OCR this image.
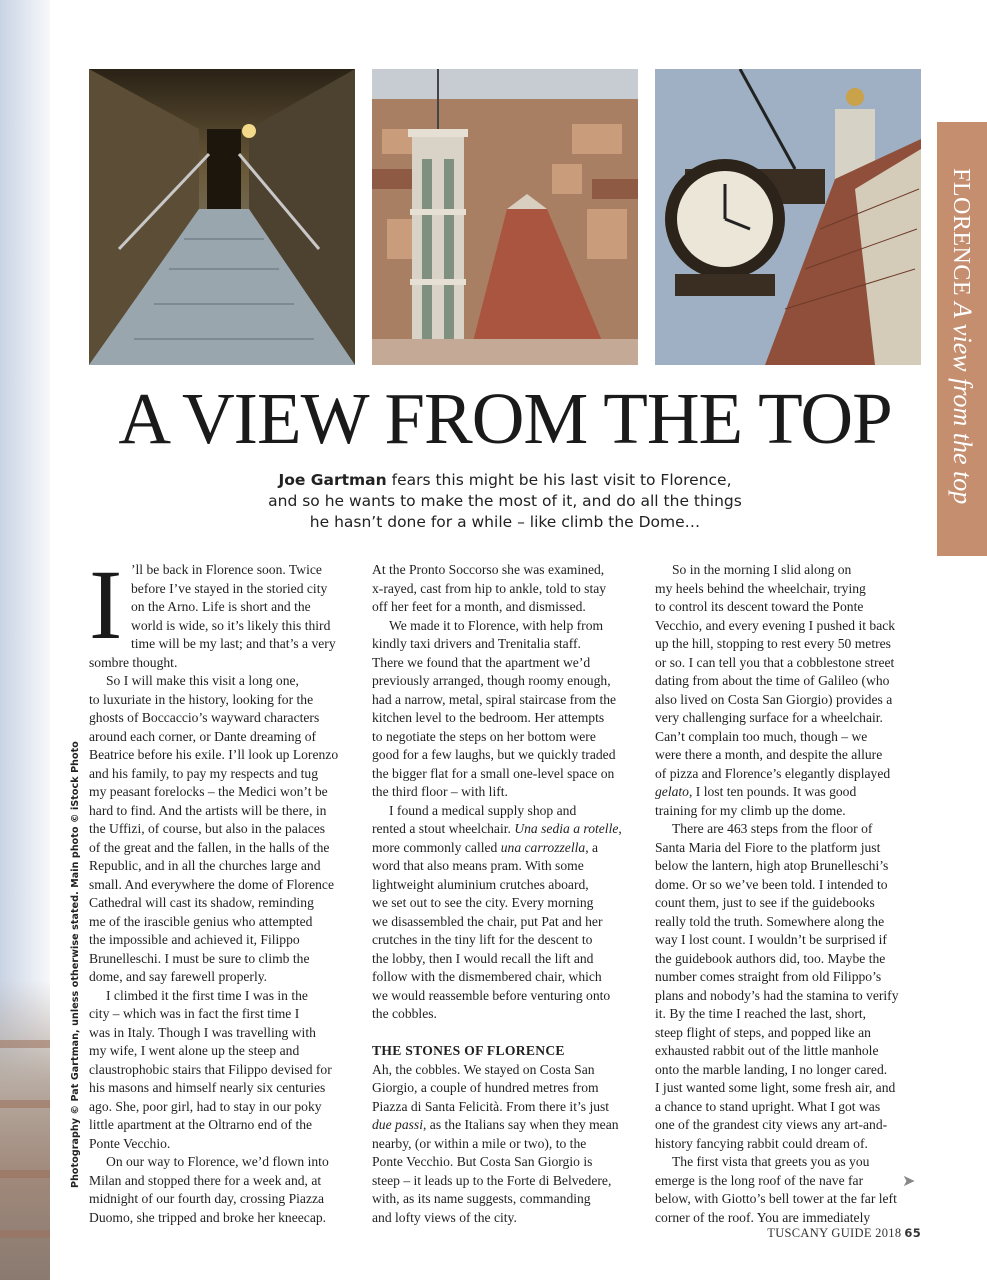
Photography © Pat Gartman, unless otherwise stated. Main photo © iStock Photo
FLORENCEA view from the top
A VIEW FROM THE TOP
Joe Gartman fears this might be his last visit to Florence,
and so he wants to make the most of it, and do all the things
he hasn’t done for a while – like climb the Dome…
I ’ll be back in Florence soon. Twice
before I’ve stayed in the storied city
on the Arno. Life is short and the
world is wide, so it’s likely this third
time will be my last; and that’s a very
sombre thought.
So I will make this visit a long one,
to luxuriate in the history, looking for the
ghosts of Boccaccio’s wayward characters
around each corner, or Dante dreaming of
Beatrice before his exile. I’ll look up Lorenzo
and his family, to pay my respects and tug
my peasant forelocks – the Medici won’t be
hard to find. And the artists will be there, in
the Uffizi, of course, but also in the palaces
of the great and the fallen, in the halls of the
Republic, and in all the churches large and
small. And everywhere the dome of Florence
Cathedral will cast its shadow, reminding
me of the irascible genius who attempted
the impossible and achieved it, Filippo
Brunelleschi. I must be sure to climb the
dome, and say farewell properly.
I climbed it the first time I was in the
city – which was in fact the first time I
was in Italy. Though I was travelling with
my wife, I went alone up the steep and
claustrophobic stairs that Filippo devised for
his masons and himself nearly six centuries
ago. She, poor girl, had to stay in our poky
little apartment at the Oltrarno end of the
Ponte Vecchio.
On our way to Florence, we’d flown into
Milan and stopped there for a week and, at
midnight of our fourth day, crossing Piazza
Duomo, she tripped and broke her kneecap.
At the Pronto Soccorso she was examined,
x-rayed, cast from hip to ankle, told to stay
off her feet for a month, and dismissed.
We made it to Florence, with help from
kindly taxi drivers and Trenitalia staff.
There we found that the apartment we’d
previously arranged, though roomy enough,
had a narrow, metal, spiral staircase from the
kitchen level to the bedroom. Her attempts
to negotiate the steps on her bottom were
good for a few laughs, but we quickly traded
the bigger flat for a small one-level space on
the third floor – with lift.
I found a medical supply shop and
rented a stout wheelchair. Una sedia a rotelle,
more commonly called una carrozzella, a
word that also means pram. With some
lightweight aluminium crutches aboard,
we set out to see the city. Every morning
we disassembled the chair, put Pat and her
crutches in the tiny lift for the descent to
the lobby, then I would recall the lift and
follow with the dismembered chair, which
we would reassemble before venturing onto
the cobbles.
THE STONES OF FLORENCE
Ah, the cobbles. We stayed on Costa San
Giorgio, a couple of hundred metres from
Piazza di Santa Felicità. From there it’s just
due passi, as the Italians say when they mean
nearby, (or within a mile or two), to the
Ponte Vecchio. But Costa San Giorgio is
steep – it leads up to the Forte di Belvedere,
with, as its name suggests, commanding
and lofty views of the city.
So in the morning I slid along on
my heels behind the wheelchair, trying
to control its descent toward the Ponte
Vecchio, and every evening I pushed it back
up the hill, stopping to rest every 50 metres
or so. I can tell you that a cobblestone street
dating from about the time of Galileo (who
also lived on Costa San Giorgio) provides a
very challenging surface for a wheelchair.
Can’t complain too much, though – we
were there a month, and despite the allure
of pizza and Florence’s elegantly displayed
gelato, I lost ten pounds. It was good
training for my climb up the dome.
There are 463 steps from the floor of
Santa Maria del Fiore to the platform just
below the lantern, high atop Brunelleschi’s
dome. Or so we’ve been told. I intended to
count them, just to see if the guidebooks
really told the truth. Somewhere along the
way I lost count. I wouldn’t be surprised if
the guidebook authors did, too. Maybe the
number comes straight from old Filippo’s
plans and nobody’s had the stamina to verify
it. By the time I reached the last, short,
steep flight of steps, and popped like an
exhausted rabbit out of the little manhole
onto the marble landing, I no longer cared.
I just wanted some light, some fresh air, and
a chance to stand upright. What I got was
one of the grandest city views any art-and-
history fancying rabbit could dream of.
The first vista that greets you as you
emerge is the long roof of the nave far
below, with Giotto’s bell tower at the far left
corner of the roof. You are immediately
➤
TUSCANY GUIDE 2018 65
